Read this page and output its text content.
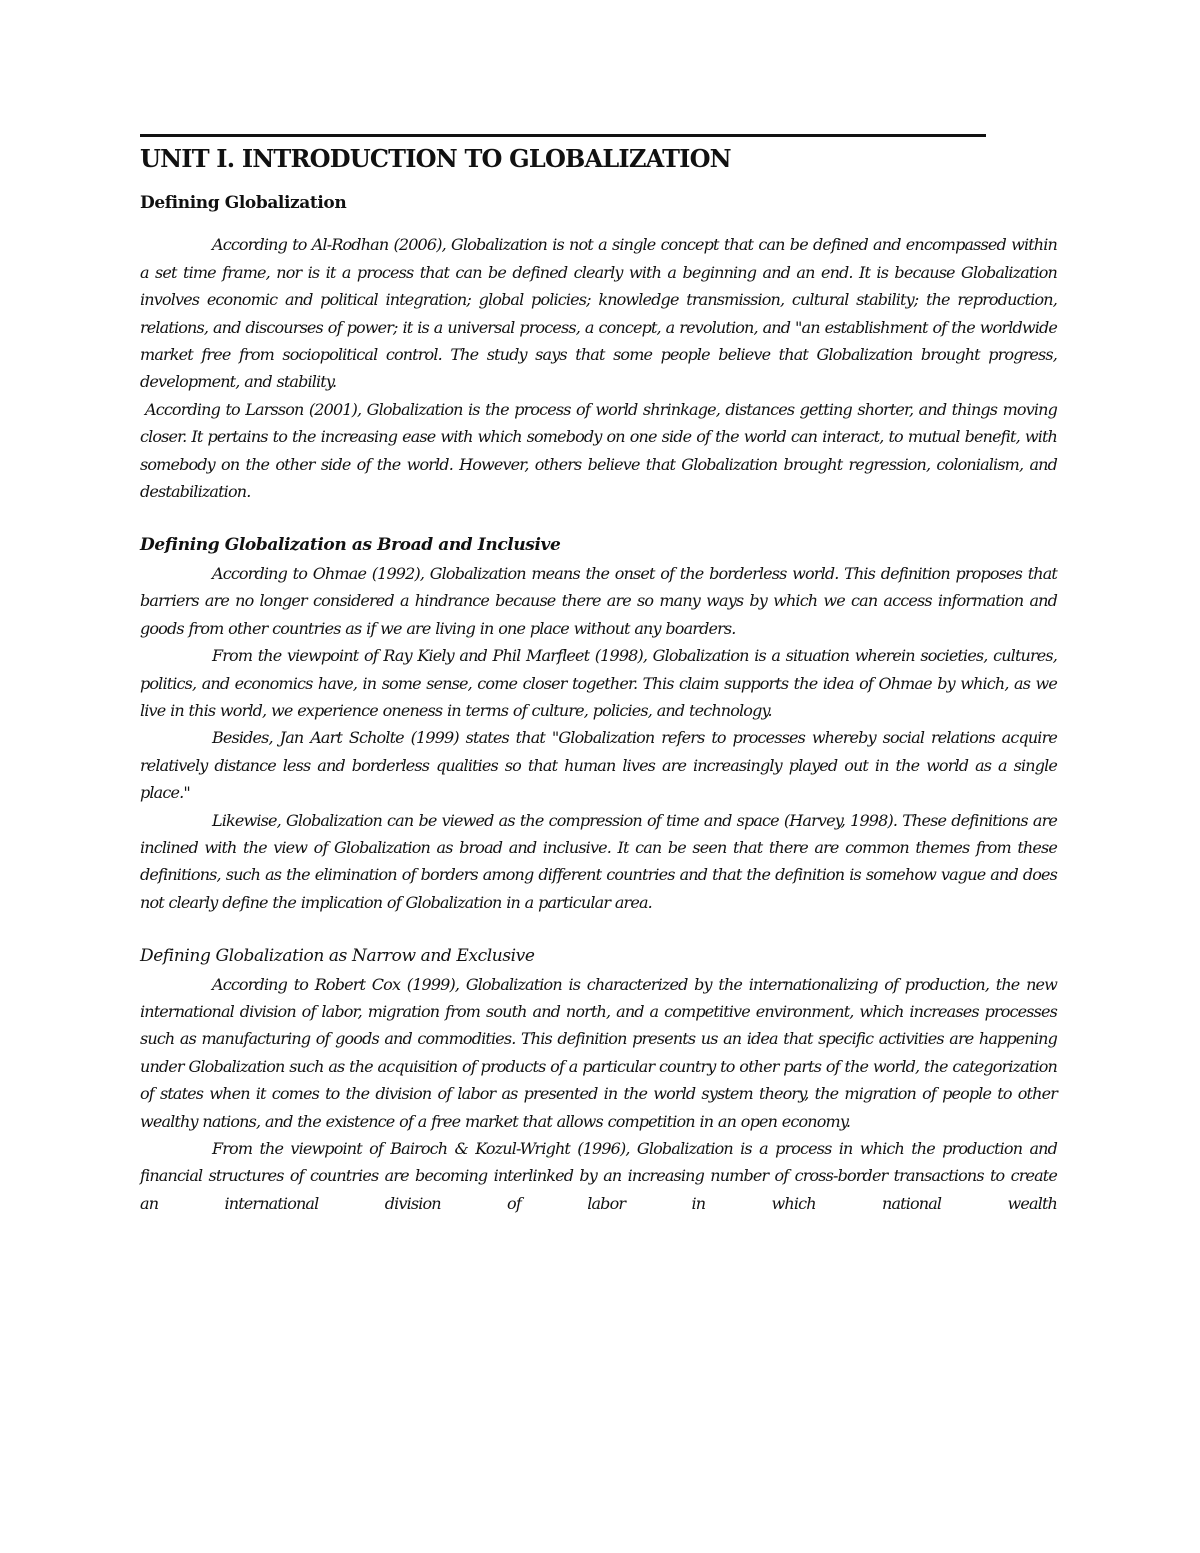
UNIT I. INTRODUCTION TO GLOBALIZATION
Defining Globalization

According to Al-Rodhan (2006), Globalization is not a single concept that can be defined and encompassed within a set time frame, nor is it a process that can be defined clearly with a beginning and an end. It is because Globalization involves economic and political integration; global policies; knowledge transmission, cultural stability; the reproduction, relations, and discourses of power; it is a universal process, a concept, a revolution, and "an establishment of the worldwide market free from sociopolitical control. The study says that some people believe that Globalization brought progress, development, and stability.

According to Larsson (2001), Globalization is the process of world shrinkage, distances getting shorter, and things moving closer. It pertains to the increasing ease with which somebody on one side of the world can interact, to mutual benefit, with somebody on the other side of the world. However, others believe that Globalization brought regression, colonialism, and destabilization.

Defining Globalization as Broad and Inclusive

According to Ohmae (1992), Globalization means the onset of the borderless world. This definition proposes that barriers are no longer considered a hindrance because there are so many ways by which we can access information and goods from other countries as if we are living in one place without any boarders.

From the viewpoint of Ray Kiely and Phil Marfleet (1998), Globalization is a situation wherein societies, cultures, politics, and economics have, in some sense, come closer together. This claim supports the idea of Ohmae by which, as we live in this world, we experience oneness in terms of culture, policies, and technology.

Besides, Jan Aart Scholte (1999) states that "Globalization refers to processes whereby social relations acquire relatively distance less and borderless qualities so that human lives are increasingly played out in the world as a single place."

Likewise, Globalization can be viewed as the compression of time and space (Harvey, 1998). These definitions are inclined with the view of Globalization as broad and inclusive. It can be seen that there are common themes from these definitions, such as the elimination of borders among different countries and that the definition is somehow vague and does not clearly define the implication of Globalization in a particular area.

Defining Globalization as Narrow and Exclusive

According to Robert Cox (1999), Globalization is characterized by the internationalizing of production, the new international division of labor, migration from south and north, and a competitive environment, which increases processes such as manufacturing of goods and commodities. This definition presents us an idea that specific activities are happening under Globalization such as the acquisition of products of a particular country to other parts of the world, the categorization of states when it comes to the division of labor as presented in the world system theory, the migration of people to other wealthy nations, and the existence of a free market that allows competition in an open economy.

From the viewpoint of Bairoch & Kozul-Wright (1996), Globalization is a process in which the production and financial structures of countries are becoming interlinked by an increasing number of cross-border transactions to create an international division of labor in which national wealth
